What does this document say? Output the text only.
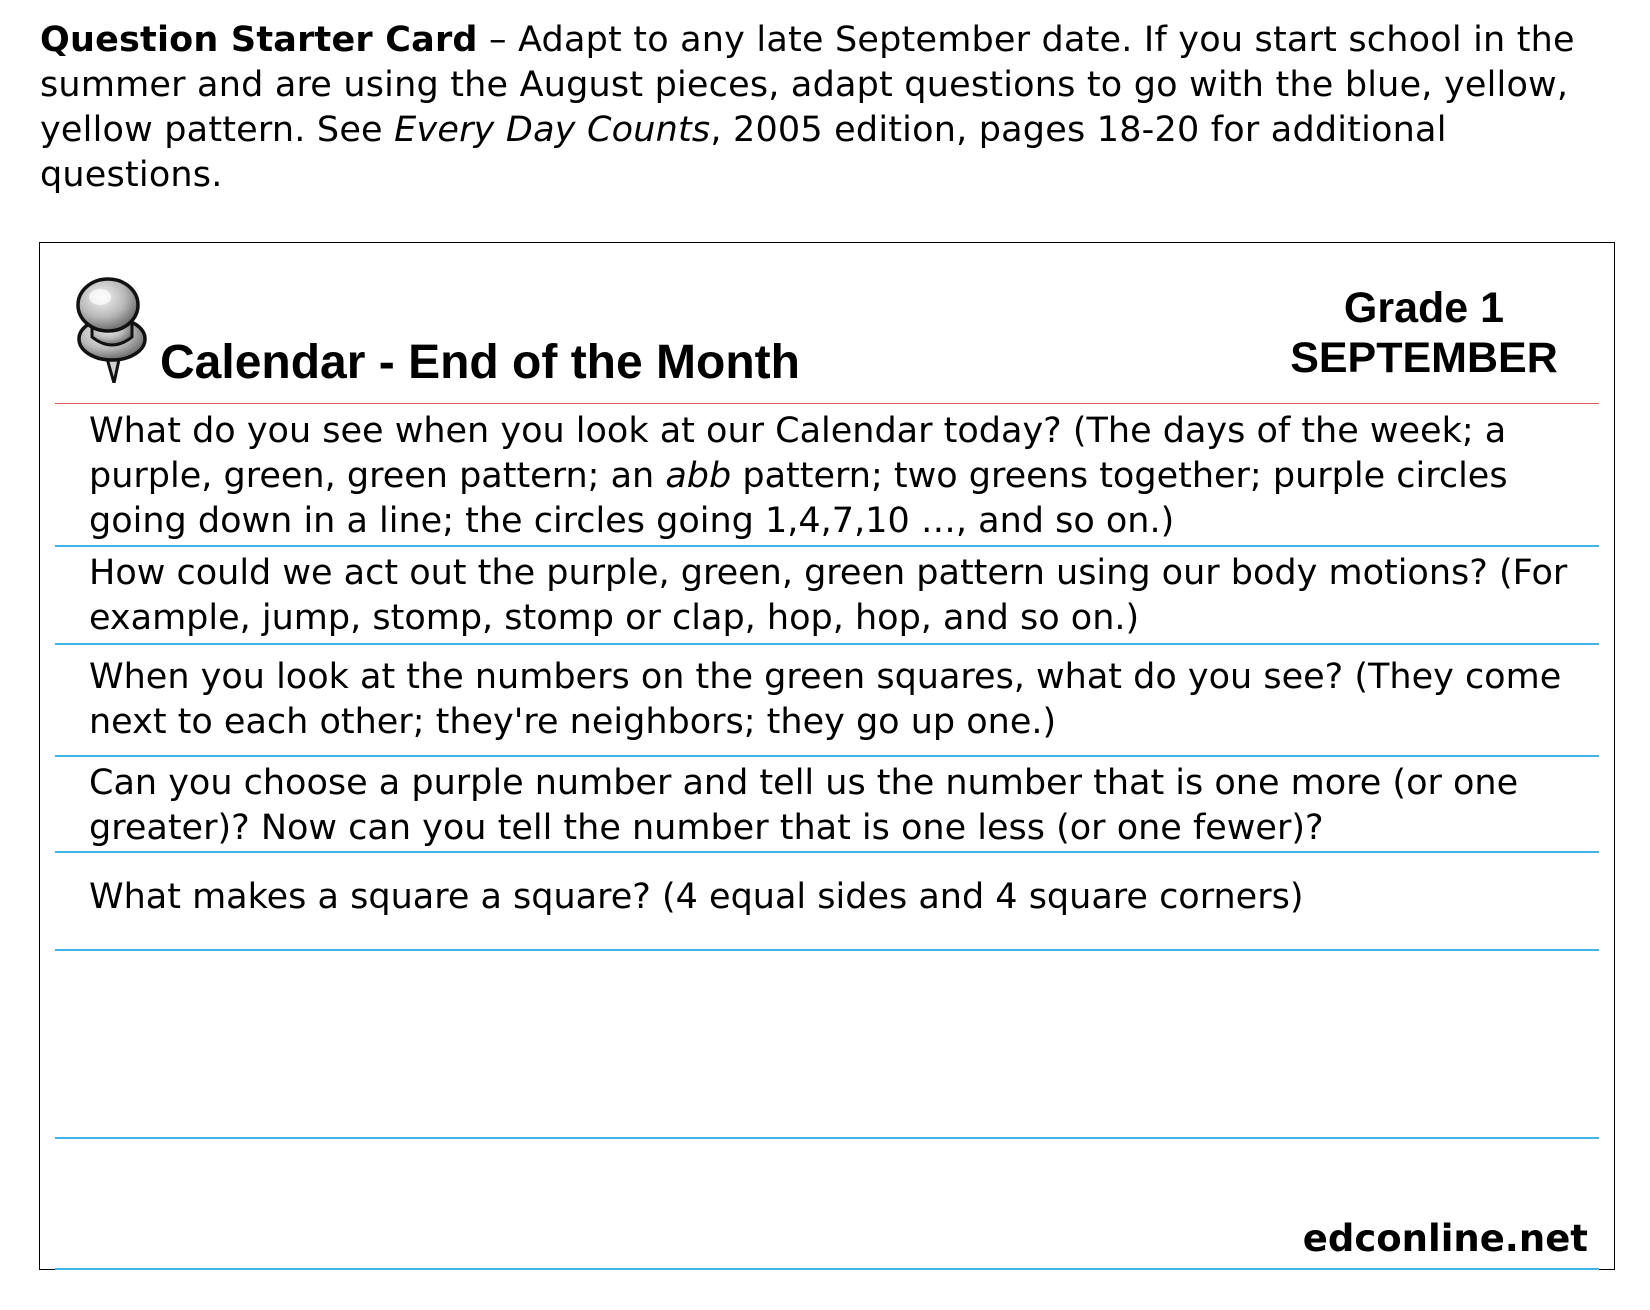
Question Starter Card – Adapt to any late September date. If you start school in the summer and are using the August pieces, adapt questions to go with the blue, yellow, yellow pattern. See Every Day Counts, 2005 edition, pages 18-20 for additional questions.

Calendar - End of the Month
Grade 1
SEPTEMBER

What do you see when you look at our Calendar today? (The days of the week; a purple, green, green pattern; an abb pattern; two greens together; purple circles going down in a line; the circles going 1,4,7,10 …, and so on.)

How could we act out the purple, green, green pattern using our body motions? (For example, jump, stomp, stomp or clap, hop, hop, and so on.)

When you look at the numbers on the green squares, what do you see? (They come next to each other; they're neighbors; they go up one.)

Can you choose a purple number and tell us the number that is one more (or one greater)? Now can you tell the number that is one less (or one fewer)?

What makes a square a square? (4 equal sides and 4 square corners)

edconline.net
